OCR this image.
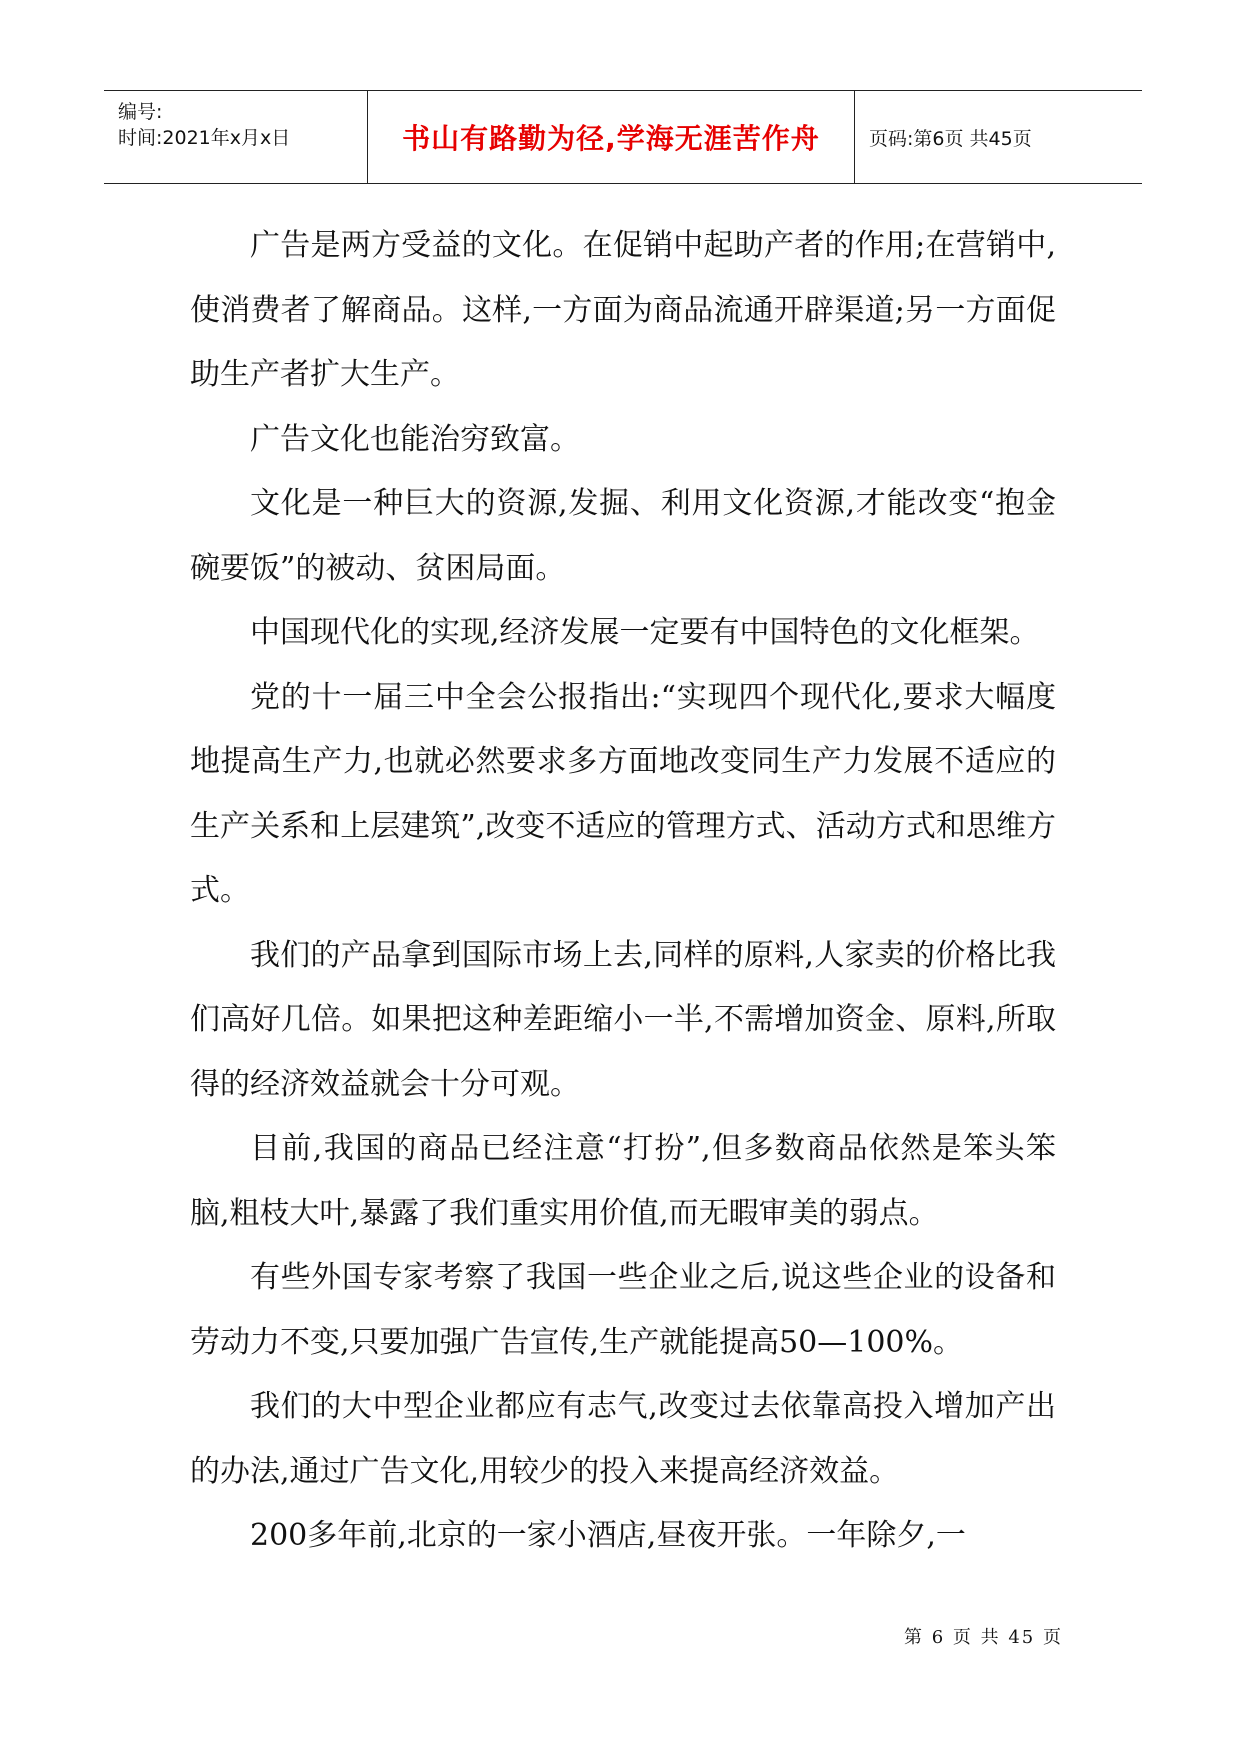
编号:
时间:2021年x月x日	书山有路勤为径,学海无涯苦作舟	页码:第6页 共45页

广告是两方受益的文化。在促销中起助产者的作用;在营销中,使消费者了解商品。这样,一方面为商品流通开辟渠道;另一方面促助生产者扩大生产。

广告文化也能治穷致富。

文化是一种巨大的资源,发掘、利用文化资源,才能改变“抱金碗要饭”的被动、贫困局面。

中国现代化的实现,经济发展一定要有中国特色的文化框架。

党的十一届三中全会公报指出:“实现四个现代化,要求大幅度地提高生产力,也就必然要求多方面地改变同生产力发展不适应的生产关系和上层建筑”,改变不适应的管理方式、活动方式和思维方式。

我们的产品拿到国际市场上去,同样的原料,人家卖的价格比我们高好几倍。如果把这种差距缩小一半,不需增加资金、原料,所取得的经济效益就会十分可观。

目前,我国的商品已经注意“打扮”,但多数商品依然是笨头笨脑,粗枝大叶,暴露了我们重实用价值,而无暇审美的弱点。

有些外国专家考察了我国一些企业之后,说这些企业的设备和劳动力不变,只要加强广告宣传,生产就能提高50—100%。

我们的大中型企业都应有志气,改变过去依靠高投入增加产出的办法,通过广告文化,用较少的投入来提高经济效益。

200多年前,北京的一家小酒店,昼夜开张。一年除夕,一

第 6 页 共 45 页
